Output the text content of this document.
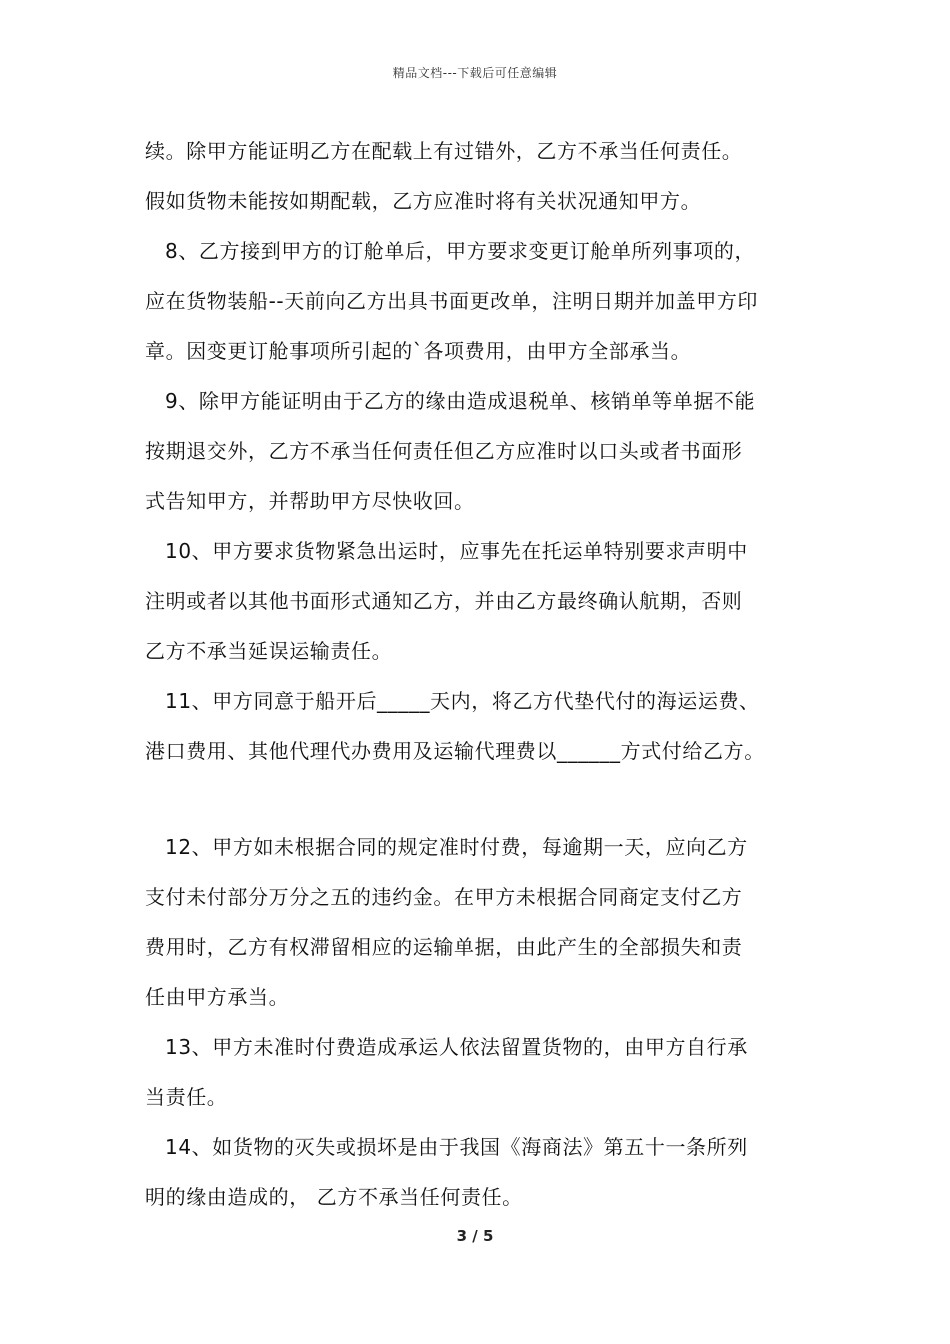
精品文档---下载后可任意编辑
续。除甲方能证明乙方在配载上有过错外，乙方不承当任何责任。
假如货物未能按如期配载，乙方应准时将有关状况通知甲方。
8、乙方接到甲方的订舱单后，甲方要求变更订舱单所列事项的，
应在货物装船--天前向乙方出具书面更改单，注明日期并加盖甲方印
章。因变更订舱事项所引起的`各项费用，由甲方全部承当。
9、除甲方能证明由于乙方的缘由造成退税单、核销单等单据不能
按期退交外，乙方不承当任何责任但乙方应准时以口头或者书面形
式告知甲方，并帮助甲方尽快收回。
10、甲方要求货物紧急出运时，应事先在托运单特别要求声明中
注明或者以其他书面形式通知乙方，并由乙方最终确认航期，否则
乙方不承当延误运输责任。
11、甲方同意于船开后_____天内，将乙方代垫代付的海运运费、
港口费用、其他代理代办费用及运输代理费以______方式付给乙方。
12、甲方如未根据合同的规定准时付费，每逾期一天，应向乙方
支付未付部分万分之五的违约金。在甲方未根据合同商定支付乙方
费用时，乙方有权滞留相应的运输单据，由此产生的全部损失和责
任由甲方承当。
13、甲方未准时付费造成承运人依法留置货物的，由甲方自行承
当责任。
14、如货物的灭失或损坏是由于我国《海商法》第五十一条所列
明的缘由造成的， 乙方不承当任何责任。
3 / 5
